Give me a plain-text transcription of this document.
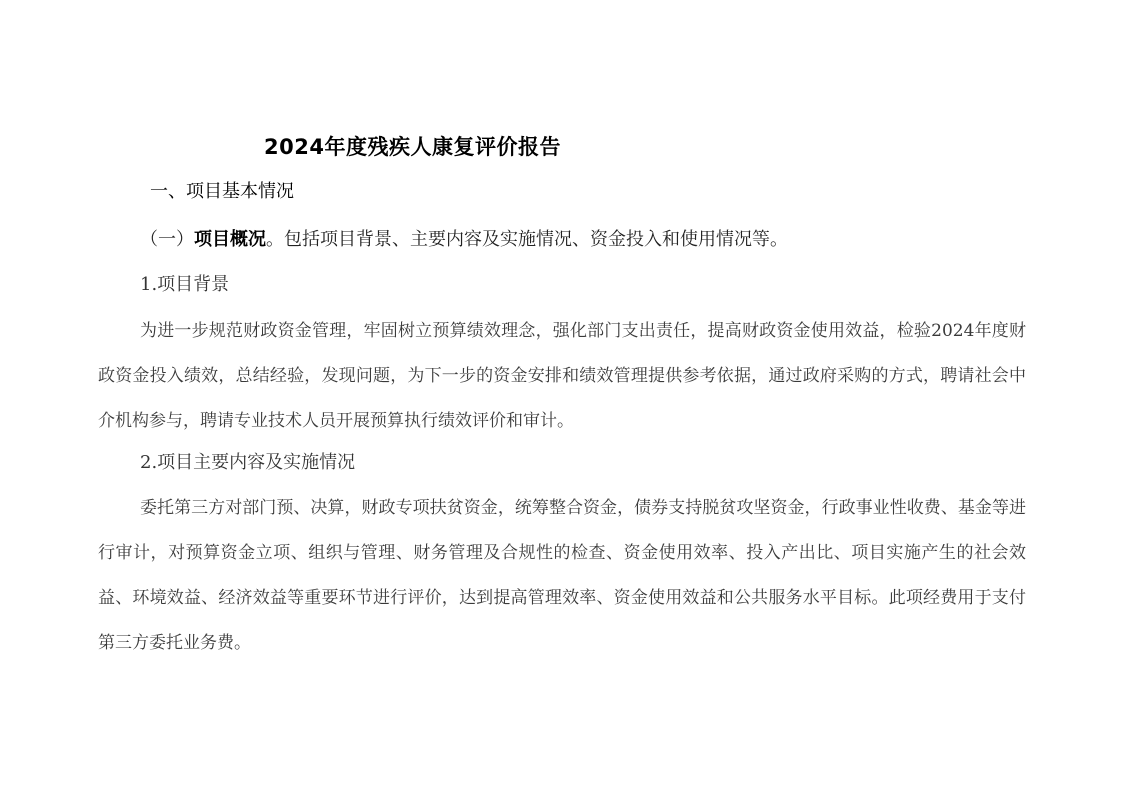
2024年度残疾人康复评价报告
一、项目基本情况
（一）项目概况。包括项目背景、主要内容及实施情况、资金投入和使用情况等。
1.项目背景

为进一步规范财政资金管理，牢固树立预算绩效理念，强化部门支出责任，提高财政资金使用效益，检验2024年度财政资金投入绩效，总结经验，发现问题，为下一步的资金安排和绩效管理提供参考依据，通过政府采购的方式，聘请社会中介机构参与，聘请专业技术人员开展预算执行绩效评价和审计。

2.项目主要内容及实施情况

委托第三方对部门预、决算，财政专项扶贫资金，统筹整合资金，债券支持脱贫攻坚资金，行政事业性收费、基金等进行审计，对预算资金立项、组织与管理、财务管理及合规性的检查、资金使用效率、投入产出比、项目实施产生的社会效益、环境效益、经济效益等重要环节进行评价，达到提高管理效率、资金使用效益和公共服务水平目标。此项经费用于支付第三方委托业务费。
